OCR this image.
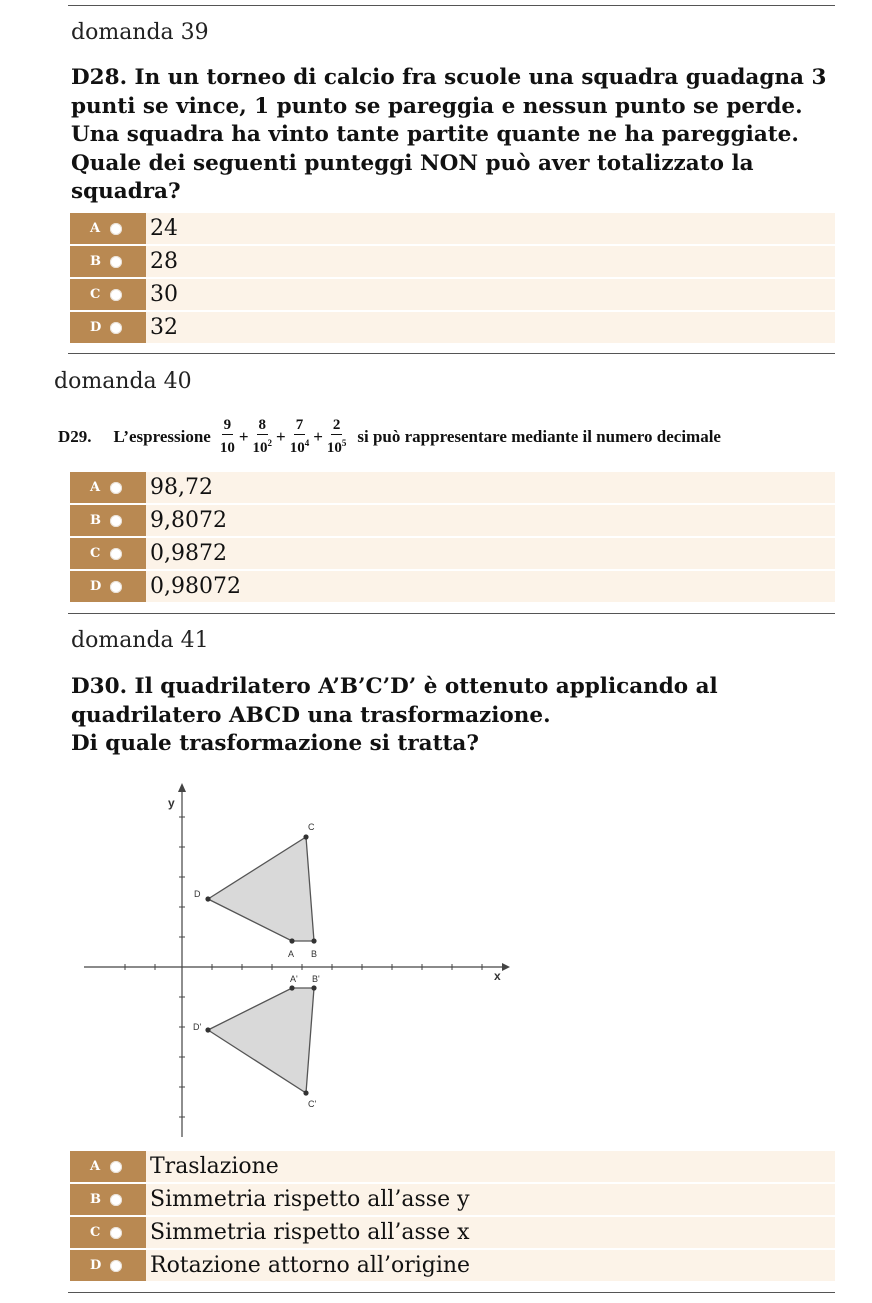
domanda 39
D28. In un torneo di calcio fra scuole una squadra guadagna 3 punti se vince, 1 punto se pareggia e nessun punto se perde. Una squadra ha vinto tante partite quante ne ha pareggiate. Quale dei seguenti punteggi NON può aver totalizzato la squadra?
A 24
B 28
C 30
D 32
domanda 40
D29. L’espressione $\frac{9}{10} + \frac{8}{10^2} + \frac{7}{10^4} + \frac{2}{10^5}$ si può rappresentare mediante il numero decimale
A 98,72
B 9,8072
C 0,9872
D 0,98072
domanda 41
D30. Il quadrilatero A’B’C’D’ è ottenuto applicando al
quadrilatero ABCD una trasformazione.
Di quale trasformazione si tratta?
y
x
A B
C
D
A' B'
C'
D'
A Traslazione
B Simmetria rispetto all’asse y
C Simmetria rispetto all’asse x
D Rotazione attorno all’origine
